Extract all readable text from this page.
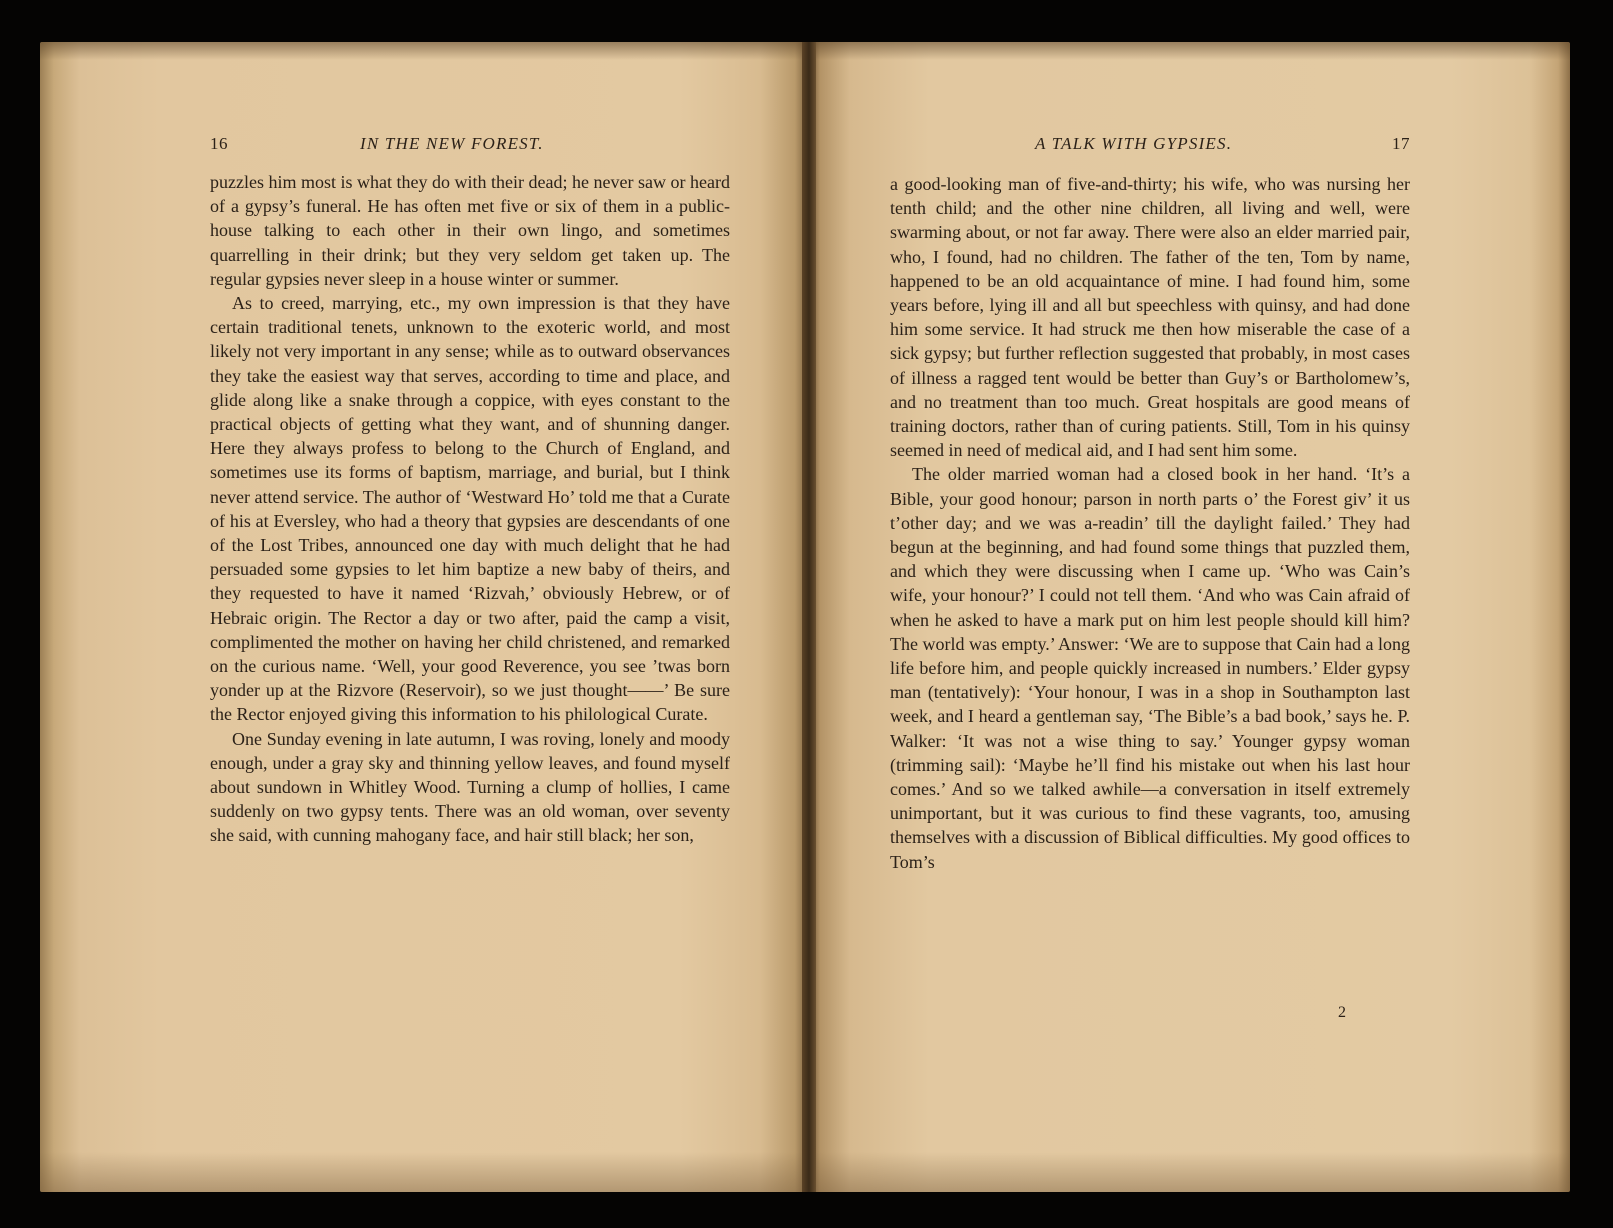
16	IN THE NEW FOREST.

puzzles him most is what they do with their dead; he never saw or heard of a gypsy’s funeral. He has often met five or six of them in a public-house talking to each other in their own lingo, and sometimes quarrelling in their drink; but they very seldom get taken up. The regular gypsies never sleep in a house winter or summer.

As to creed, marrying, etc., my own impression is that they have certain traditional tenets, unknown to the exoteric world, and most likely not very important in any sense; while as to outward observances they take the easiest way that serves, according to time and place, and glide along like a snake through a coppice, with eyes constant to the practical objects of getting what they want, and of shunning danger. Here they always profess to belong to the Church of England, and sometimes use its forms of baptism, marriage, and burial, but I think never attend service. The author of ‘Westward Ho’ told me that a Curate of his at Eversley, who had a theory that gypsies are descendants of one of the Lost Tribes, announced one day with much delight that he had persuaded some gypsies to let him baptize a new baby of theirs, and they requested to have it named ‘Rizvah,’ obviously Hebrew, or of Hebraic origin. The Rector a day or two after, paid the camp a visit, complimented the mother on having her child christened, and remarked on the curious name. ‘Well, your good Reverence, you see ’twas born yonder up at the Rizvore (Reservoir), so we just thought——’ Be sure the Rector enjoyed giving this information to his philological Curate.

One Sunday evening in late autumn, I was roving, lonely and moody enough, under a gray sky and thinning yellow leaves, and found myself about sundown in Whitley Wood. Turning a clump of hollies, I came suddenly on two gypsy tents. There was an old woman, over seventy she said, with cunning mahogany face, and hair still black; her son,

A TALK WITH GYPSIES.	17

a good-looking man of five-and-thirty; his wife, who was nursing her tenth child; and the other nine children, all living and well, were swarming about, or not far away. There were also an elder married pair, who, I found, had no children. The father of the ten, Tom by name, happened to be an old acquaintance of mine. I had found him, some years before, lying ill and all but speechless with quinsy, and had done him some service. It had struck me then how miserable the case of a sick gypsy; but further reflection suggested that probably, in most cases of illness a ragged tent would be better than Guy’s or Bartholomew’s, and no treatment than too much. Great hospitals are good means of training doctors, rather than of curing patients. Still, Tom in his quinsy seemed in need of medical aid, and I had sent him some.

The older married woman had a closed book in her hand. ‘It’s a Bible, your good honour; parson in north parts o’ the Forest giv’ it us t’other day; and we was a-readin’ till the daylight failed.’ They had begun at the beginning, and had found some things that puzzled them, and which they were discussing when I came up. ‘Who was Cain’s wife, your honour?’ I could not tell them. ‘And who was Cain afraid of when he asked to have a mark put on him lest people should kill him? The world was empty.’ Answer: ‘We are to suppose that Cain had a long life before him, and people quickly increased in numbers.’ Elder gypsy man (tentatively): ‘Your honour, I was in a shop in Southampton last week, and I heard a gentleman say, ‘The Bible’s a bad book,’ says he. P. Walker: ‘It was not a wise thing to say.’ Younger gypsy woman (trimming sail): ‘Maybe he’ll find his mistake out when his last hour comes.’ And so we talked awhile—a conversation in itself extremely unimportant, but it was curious to find these vagrants, too, amusing themselves with a discussion of Biblical difficulties. My good offices to Tom’s

2
